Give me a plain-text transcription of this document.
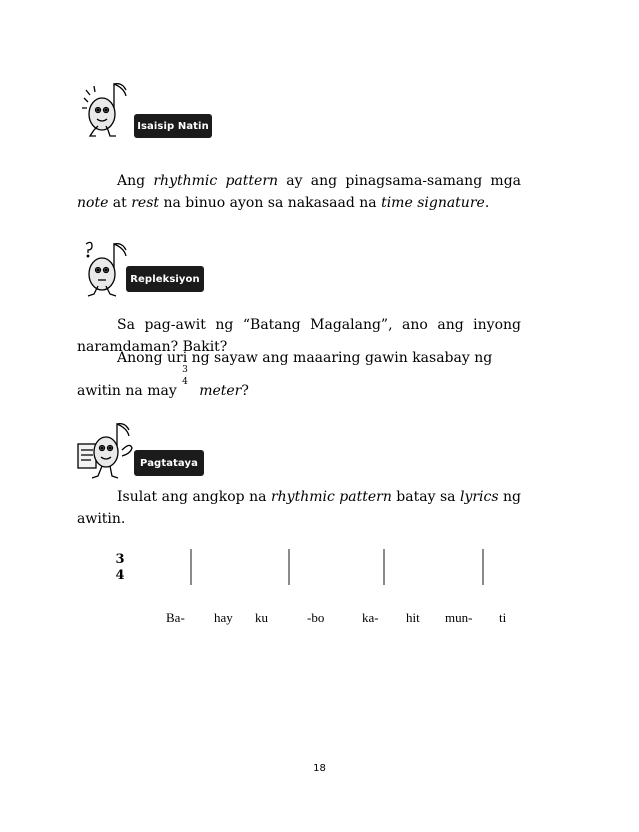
Isaisip Natin
Ang rhythmic pattern ay ang pinagsama-samang mga note at rest na binuo ayon sa nakasaad na time signature.
Repleksiyon
Sa pag-awit ng “Batang Magalang”, ano ang inyong naramdaman? Bakit?
Anong uri ng sayaw ang maaaring gawin kasabay ng
awitin na may meter?
3
4
Pagtataya
Isulat ang angkop na rhythmic pattern batay sa lyrics ng awitin.
3
4
Ba- hay ku	-bo	ka- hit mun- ti
18
